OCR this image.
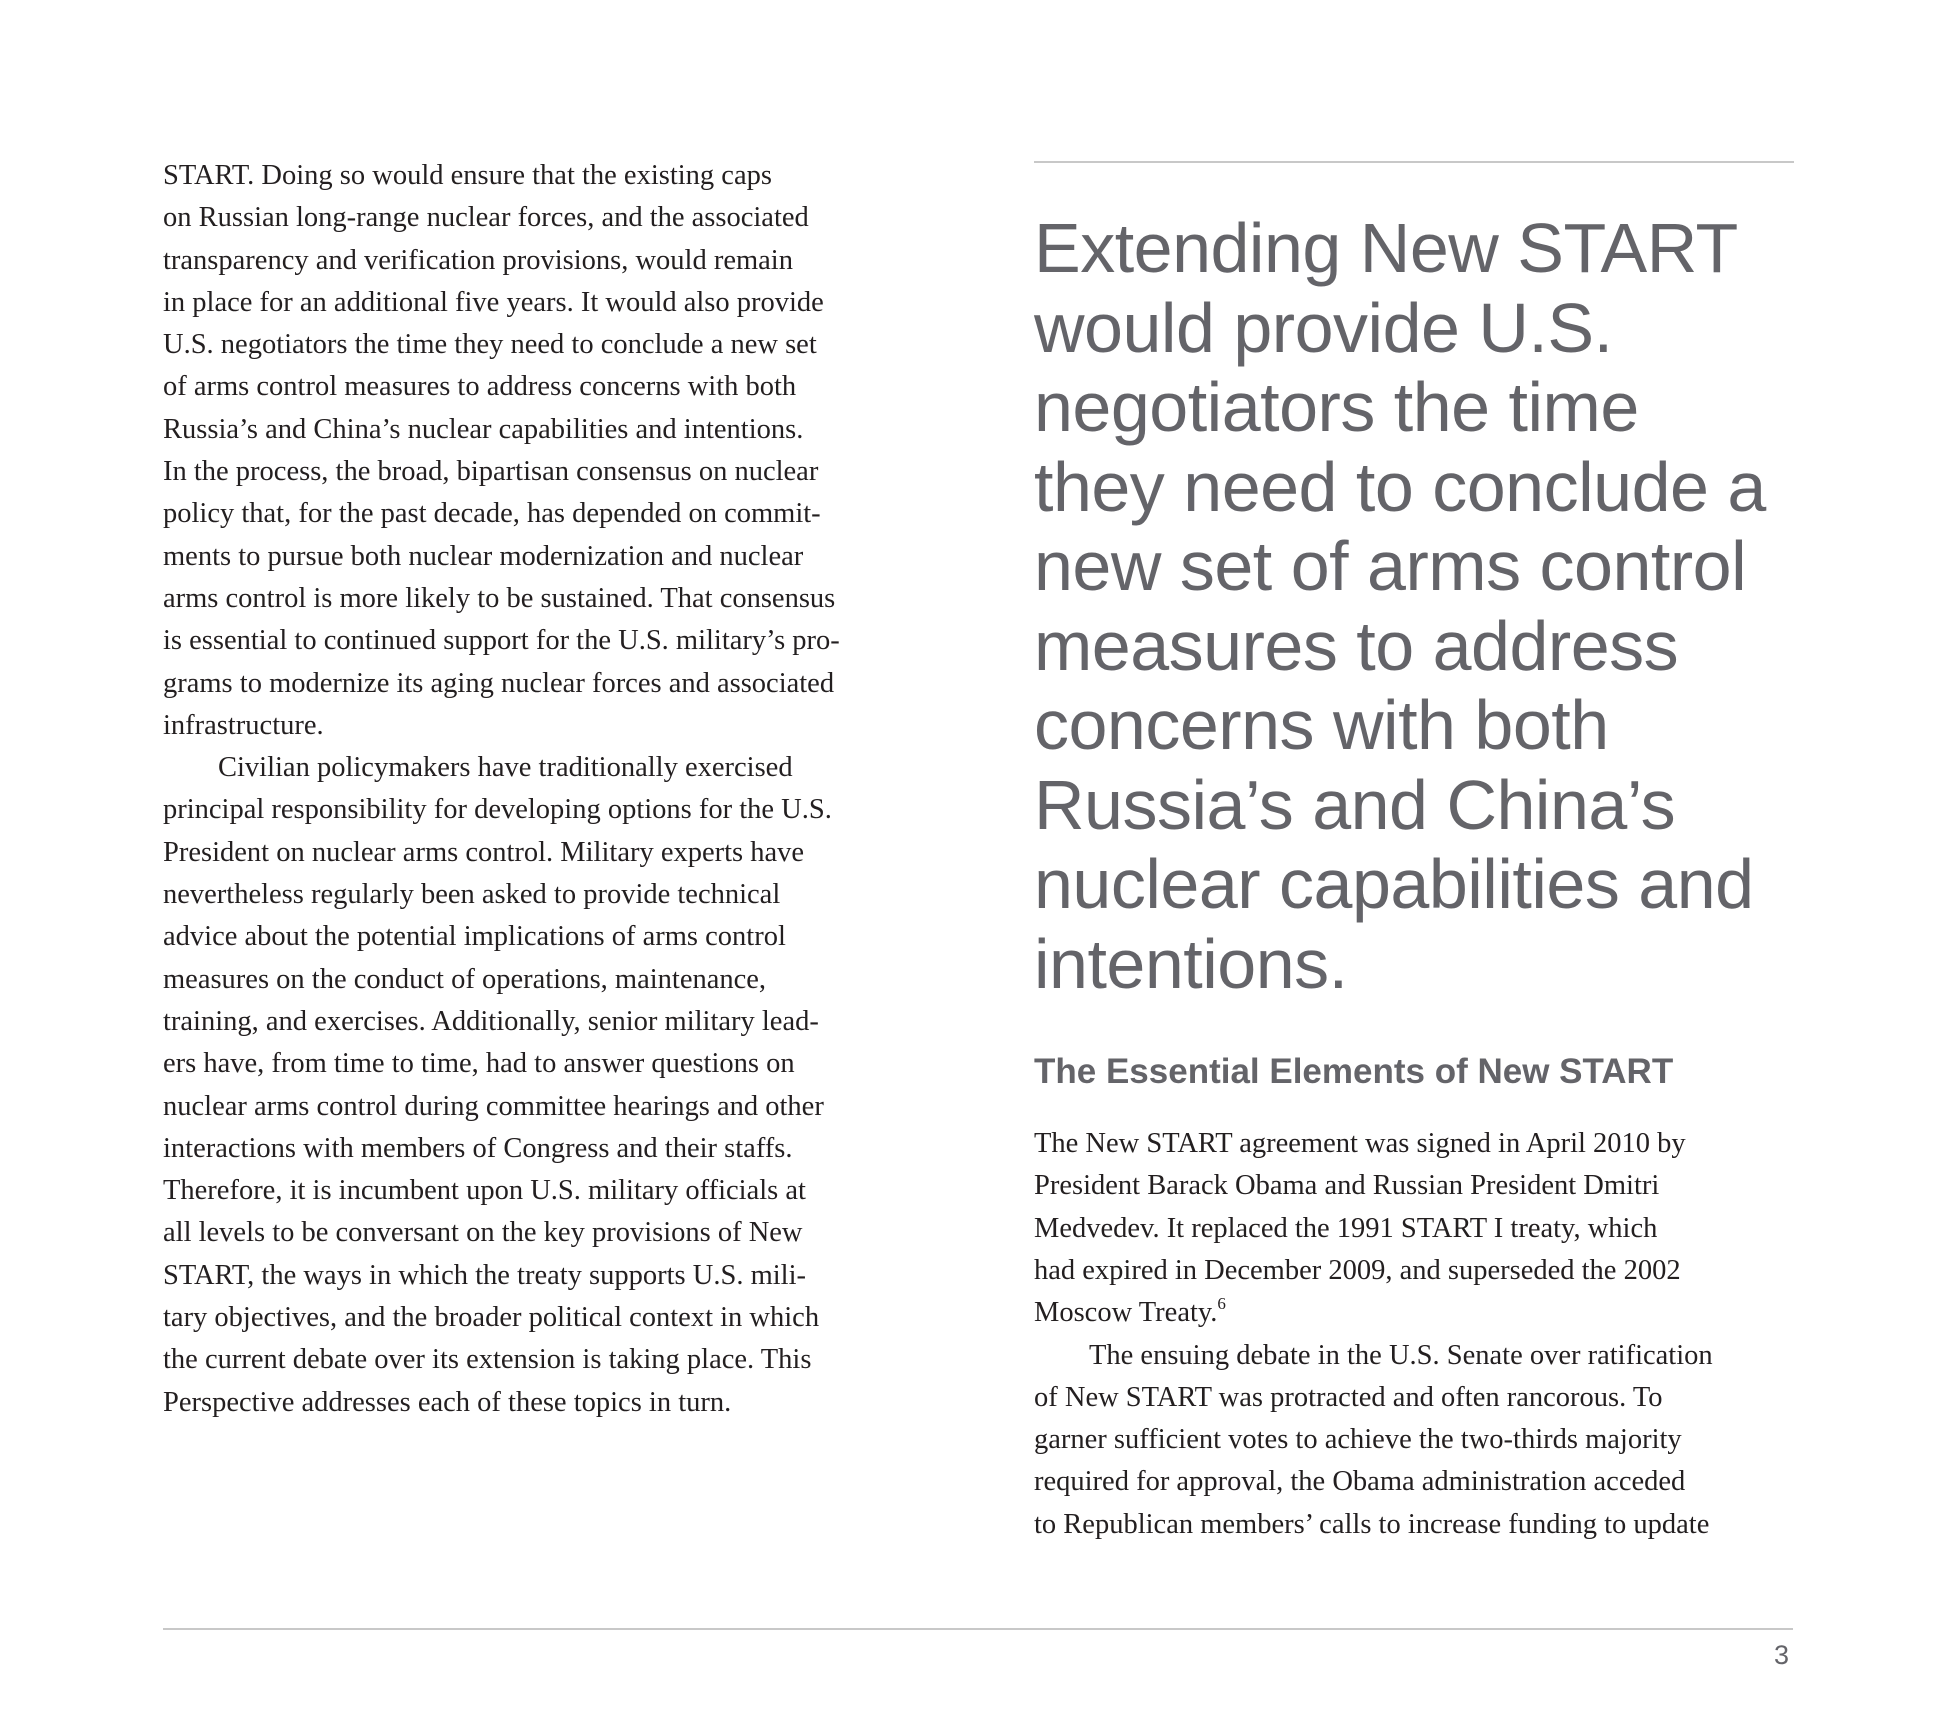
START. Doing so would ensure that the existing caps
on Russian long-range nuclear forces, and the associated
transparency and verification provisions, would remain
in place for an additional five years. It would also provide
U.S. negotiators the time they need to conclude a new set
of arms control measures to address concerns with both
Russia’s and China’s nuclear capabilities and intentions.
In the process, the broad, bipartisan consensus on nuclear
policy that, for the past decade, has depended on commit-
ments to pursue both nuclear modernization and nuclear
arms control is more likely to be sustained. That consensus
is essential to continued support for the U.S. military’s pro-
grams to modernize its aging nuclear forces and associated
infrastructure.
Civilian policymakers have traditionally exercised
principal responsibility for developing options for the U.S.
President on nuclear arms control. Military experts have
nevertheless regularly been asked to provide technical
advice about the potential implications of arms control
measures on the conduct of operations, maintenance,
training, and exercises. Additionally, senior military lead-
ers have, from time to time, had to answer questions on
nuclear arms control during committee hearings and other
interactions with members of Congress and their staffs.
Therefore, it is incumbent upon U.S. military officials at
all levels to be conversant on the key provisions of New
START, the ways in which the treaty supports U.S. mili-
tary objectives, and the broader political context in which
the current debate over its extension is taking place. This
Perspective addresses each of these topics in turn.
Extending New START
would provide U.S.
negotiators the time
they need to conclude a
new set of arms control
measures to address
concerns with both
Russia’s and China’s
nuclear capabilities and
intentions.
The Essential Elements of New START
The New START agreement was signed in April 2010 by
President Barack Obama and Russian President Dmitri
Medvedev. It replaced the 1991 START I treaty, which
had expired in December 2009, and superseded the 2002
Moscow Treaty.$^6$
The ensuing debate in the U.S. Senate over ratification
of New START was protracted and often rancorous. To
garner sufficient votes to achieve the two-thirds majority
required for approval, the Obama administration acceded
to Republican members’ calls to increase funding to update
3
